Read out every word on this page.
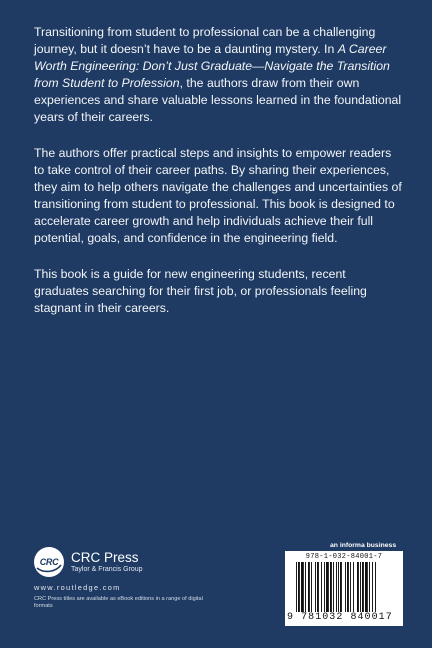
Transitioning from student to professional can be a challenging journey, but it doesn’t have to be a daunting mystery. In A Career Worth Engineering: Don’t Just Graduate—Navigate the Transition from Student to Profession, the authors draw from their own experiences and share valuable lessons learned in the foundational years of their careers.

The authors offer practical steps and insights to empower readers to take control of their career paths. By sharing their experiences, they aim to help others navigate the challenges and uncertainties of transitioning from student to professional. This book is designed to accelerate career growth and help individuals achieve their full potential, goals, and confidence in the engineering field.

This book is a guide for new engineering students, recent graduates searching for their first job, or professionals feeling stagnant in their careers.

CRC CRC Press
Taylor & Francis Group
www.routledge.com
CRC Press titles are available as eBook editions in a range of digital formats
an informa business
978-1-032-84001-7
9 781032 840017
